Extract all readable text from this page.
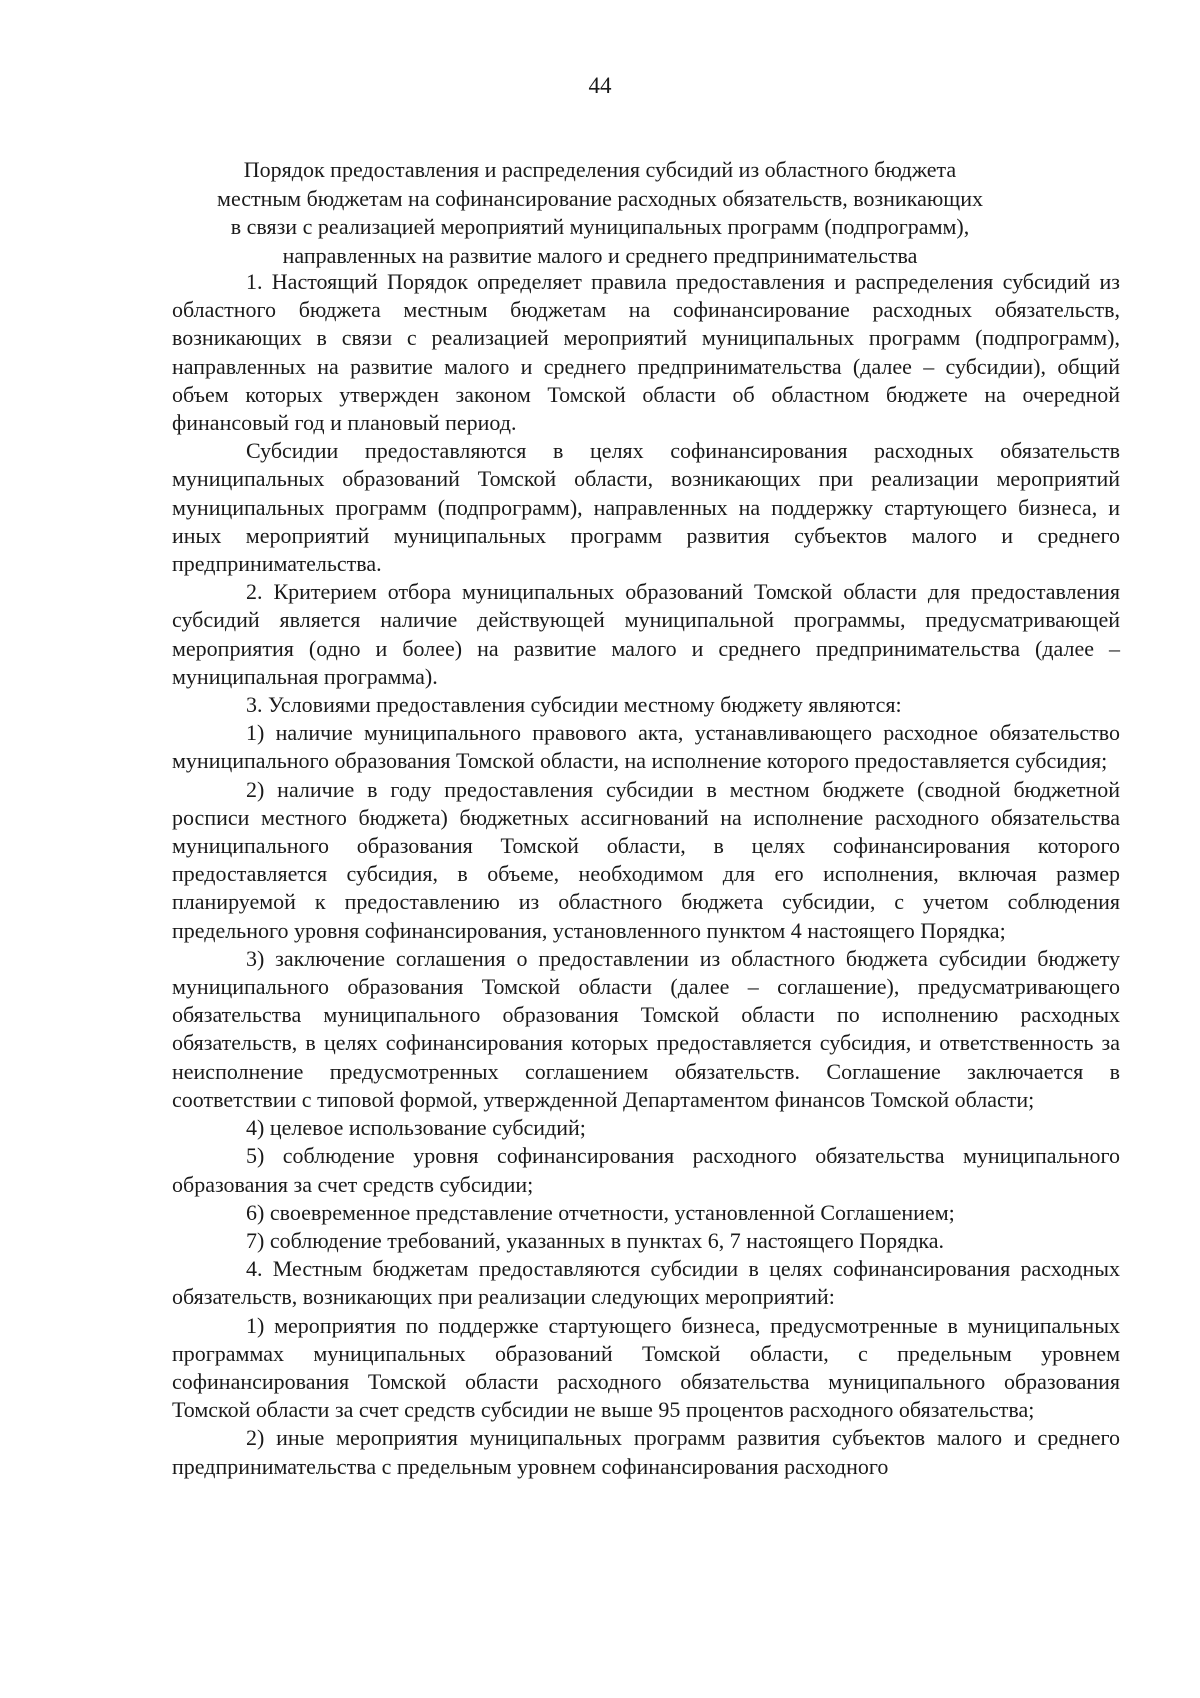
44
Порядок предоставления и распределения субсидий из областного бюджета
местным бюджетам на софинансирование расходных обязательств, возникающих
в связи с реализацией мероприятий муниципальных программ (подпрограмм),
направленных на развитие малого и среднего предпринимательства

1. Настоящий Порядок определяет правила предоставления и распределения субсидий из областного бюджета местным бюджетам на софинансирование расходных обязательств, возникающих в связи с реализацией мероприятий муниципальных программ (подпрограмм), направленных на развитие малого и среднего предпринимательства (далее – субсидии), общий объем которых утвержден законом Томской области об областном бюджете на очередной финансовый год и плановый период.

Субсидии предоставляются в целях софинансирования расходных обязательств муниципальных образований Томской области, возникающих при реализации мероприятий муниципальных программ (подпрограмм), направленных на поддержку стартующего бизнеса, и иных мероприятий муниципальных программ развития субъектов малого и среднего предпринимательства.

2. Критерием отбора муниципальных образований Томской области для предоставления субсидий является наличие действующей муниципальной программы, предусматривающей мероприятия (одно и более) на развитие малого и среднего предпринимательства (далее – муниципальная программа).

3. Условиями предоставления субсидии местному бюджету являются:

1) наличие муниципального правового акта, устанавливающего расходное обязательство муниципального образования Томской области, на исполнение которого предоставляется субсидия;

2) наличие в году предоставления субсидии в местном бюджете (сводной бюджетной росписи местного бюджета) бюджетных ассигнований на исполнение расходного обязательства муниципального образования Томской области, в целях софинансирования которого предоставляется субсидия, в объеме, необходимом для его исполнения, включая размер планируемой к предоставлению из областного бюджета субсидии, с учетом соблюдения предельного уровня софинансирования, установленного пунктом 4 настоящего Порядка;

3) заключение соглашения о предоставлении из областного бюджета субсидии бюджету муниципального образования Томской области (далее – соглашение), предусматривающего обязательства муниципального образования Томской области по исполнению расходных обязательств, в целях софинансирования которых предоставляется субсидия, и ответственность за неисполнение предусмотренных соглашением обязательств. Соглашение заключается в соответствии с типовой формой, утвержденной Департаментом финансов Томской области;

4) целевое использование субсидий;

5) соблюдение уровня софинансирования расходного обязательства муниципального образования за счет средств субсидии;

6) своевременное представление отчетности, установленной Соглашением;

7) соблюдение требований, указанных в пунктах 6, 7 настоящего Порядка.

4. Местным бюджетам предоставляются субсидии в целях софинансирования расходных обязательств, возникающих при реализации следующих мероприятий:

1) мероприятия по поддержке стартующего бизнеса, предусмотренные в муниципальных программах муниципальных образований Томской области, с предельным уровнем софинансирования Томской области расходного обязательства муниципального образования Томской области за счет средств субсидии не выше 95 процентов расходного обязательства;

2) иные мероприятия муниципальных программ развития субъектов малого и среднего предпринимательства с предельным уровнем софинансирования расходного
